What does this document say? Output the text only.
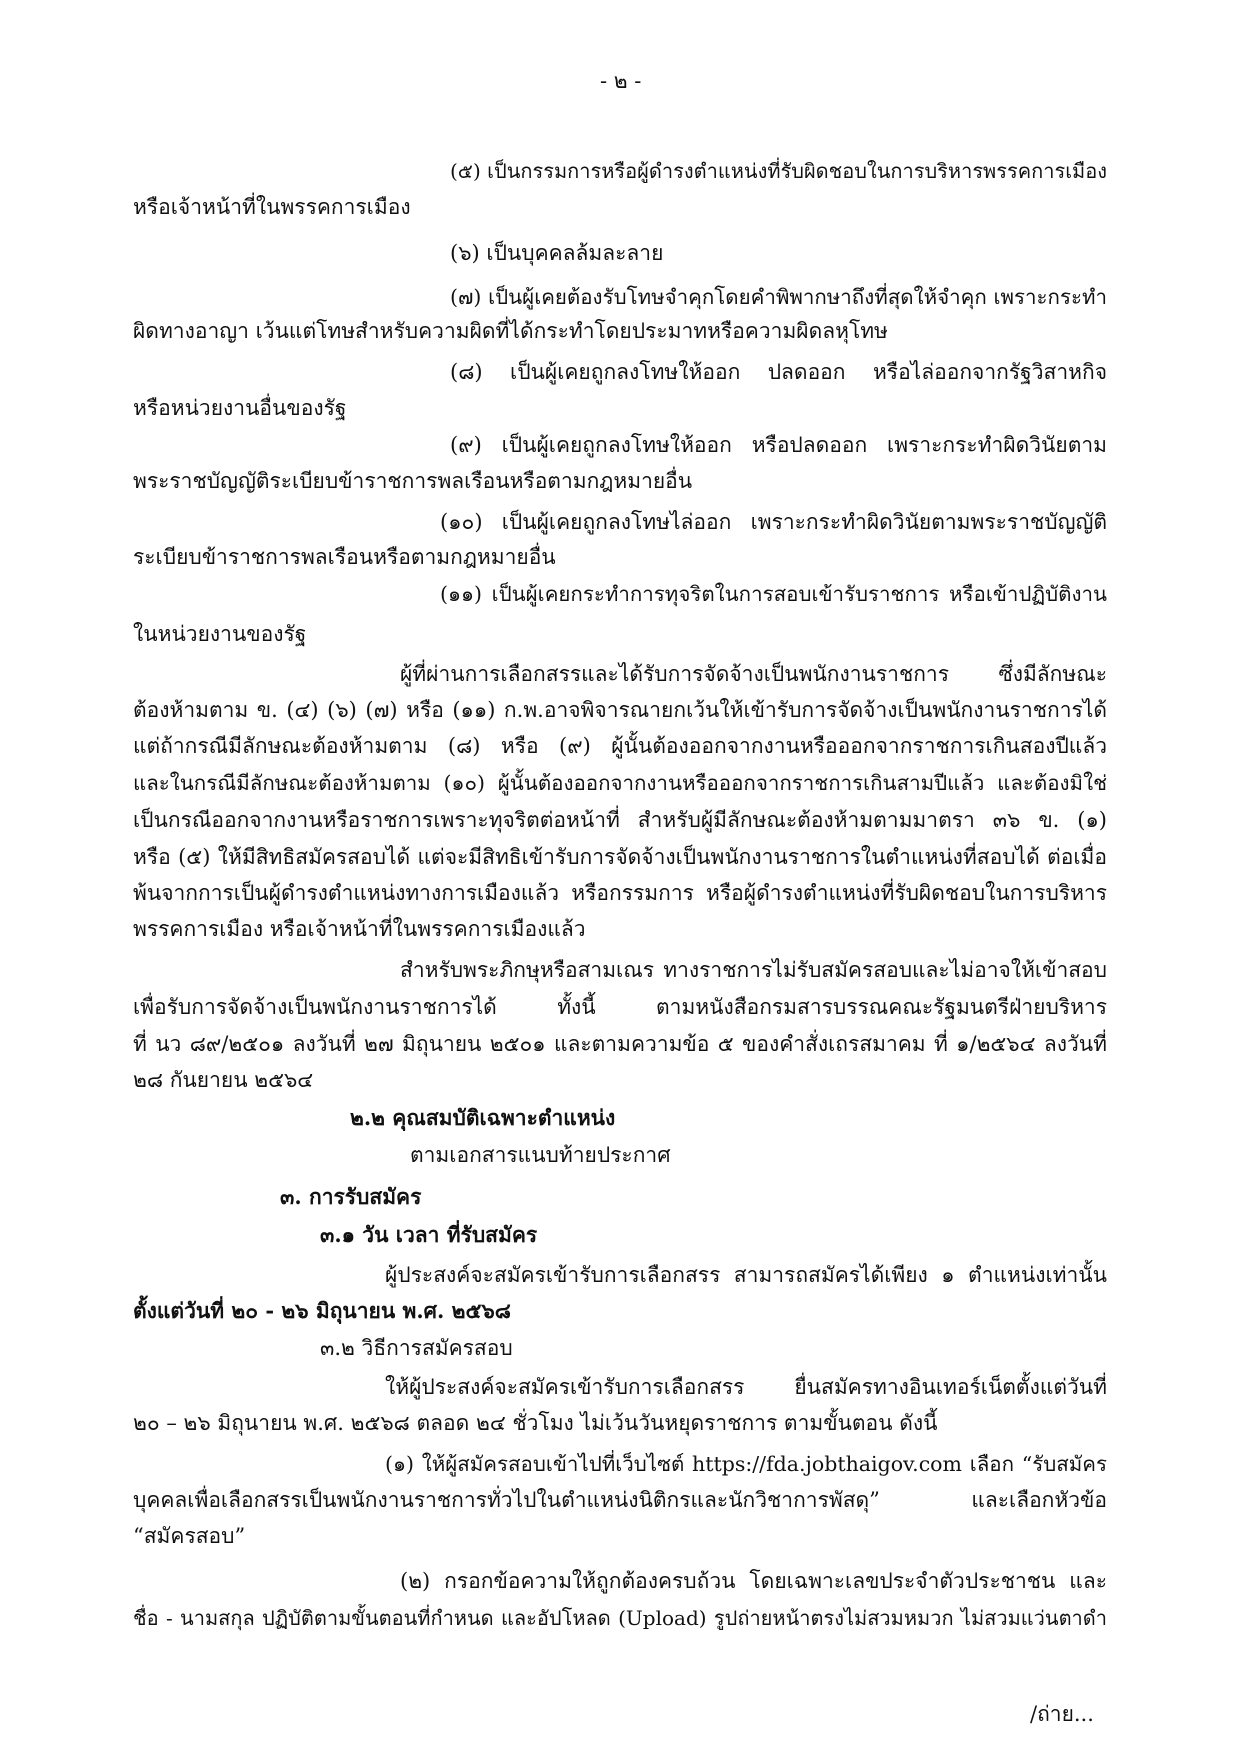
- ๒ -
/ถ่าย...
(๕) เป็นกรรมการหรือผู้ดำรงตำแหน่งที่รับผิดชอบในการบริหารพรรคการเมือง
หรือเจ้าหน้าที่ในพรรคการเมือง
(๖) เป็นบุคคลล้มละลาย
(๗) เป็นผู้เคยต้องรับโทษจำคุกโดยคำพิพากษาถึงที่สุดให้จำคุก เพราะกระทำ
ผิดทางอาญา เว้นแต่โทษสำหรับความผิดที่ได้กระทำโดยประมาทหรือความผิดลหุโทษ
(๘) เป็นผู้เคยถูกลงโทษให้ออก ปลดออก หรือไล่ออกจากรัฐวิสาหกิจ
หรือหน่วยงานอื่นของรัฐ
(๙) เป็นผู้เคยถูกลงโทษให้ออก หรือปลดออก เพราะกระทำผิดวินัยตาม
พระราชบัญญัติระเบียบข้าราชการพลเรือนหรือตามกฎหมายอื่น
(๑๐) เป็นผู้เคยถูกลงโทษไล่ออก เพราะกระทำผิดวินัยตามพระราชบัญญัติ
ระเบียบข้าราชการพลเรือนหรือตามกฎหมายอื่น
(๑๑) เป็นผู้เคยกระทำการทุจริตในการสอบเข้ารับราชการ หรือเข้าปฏิบัติงาน
ในหน่วยงานของรัฐ
ผู้ที่ผ่านการเลือกสรรและได้รับการจัดจ้างเป็นพนักงานราชการ ซึ่งมีลักษณะ
ต้องห้ามตาม ข. (๔) (๖) (๗) หรือ (๑๑) ก.พ.อาจพิจารณายกเว้นให้เข้ารับการจัดจ้างเป็นพนักงานราชการได้
แต่ถ้ากรณีมีลักษณะต้องห้ามตาม (๘) หรือ (๙) ผู้นั้นต้องออกจากงานหรือออกจากราชการเกินสองปีแล้ว
และในกรณีมีลักษณะต้องห้ามตาม (๑๐) ผู้นั้นต้องออกจากงานหรือออกจากราชการเกินสามปีแล้ว และต้องมิใช่
เป็นกรณีออกจากงานหรือราชการเพราะทุจริตต่อหน้าที่ สำหรับผู้มีลักษณะต้องห้ามตามมาตรา ๓๖ ข. (๑)
หรือ (๕) ให้มีสิทธิสมัครสอบได้ แต่จะมีสิทธิเข้ารับการจัดจ้างเป็นพนักงานราชการในตำแหน่งที่สอบได้ ต่อเมื่อ
พ้นจากการเป็นผู้ดำรงตำแหน่งทางการเมืองแล้ว หรือกรรมการ หรือผู้ดำรงตำแหน่งที่รับผิดชอบในการบริหาร
พรรคการเมือง หรือเจ้าหน้าที่ในพรรคการเมืองแล้ว
สำหรับพระภิกษุหรือสามเณร ทางราชการไม่รับสมัครสอบและไม่อาจให้เข้าสอบ
เพื่อรับการจัดจ้างเป็นพนักงานราชการได้ ทั้งนี้ ตามหนังสือกรมสารบรรณคณะรัฐมนตรีฝ่ายบริหาร
ที่ นว ๘๙/๒๕๐๑ ลงวันที่ ๒๗ มิถุนายน ๒๕๐๑ และตามความข้อ ๕ ของคำสั่งเถรสมาคม ที่ ๑/๒๕๖๔ ลงวันที่
๒๘ กันยายน ๒๕๖๔
๒.๒ คุณสมบัติเฉพาะตำแหน่ง
ตามเอกสารแนบท้ายประกาศ
๓. การรับสมัคร
๓.๑ วัน เวลา ที่รับสมัคร
ผู้ประสงค์จะสมัครเข้ารับการเลือกสรร สามารถสมัครได้เพียง ๑ ตำแหน่งเท่านั้น
ตั้งแต่วันที่ ๒๐ - ๒๖ มิถุนายน พ.ศ. ๒๕๖๘
๓.๒ วิธีการสมัครสอบ
ให้ผู้ประสงค์จะสมัครเข้ารับการเลือกสรร ยื่นสมัครทางอินเทอร์เน็ตตั้งแต่วันที่
๒๐ – ๒๖ มิถุนายน พ.ศ. ๒๕๖๘ ตลอด ๒๔ ชั่วโมง ไม่เว้นวันหยุดราชการ ตามขั้นตอน ดังนี้
(๑) ให้ผู้สมัครสอบเข้าไปที่เว็บไซต์ https://fda.jobthaigov.com เลือก “รับสมัคร
บุคคลเพื่อเลือกสรรเป็นพนักงานราชการทั่วไปในตำแหน่งนิติกรและนักวิชาการพัสดุ” และเลือกหัวข้อ
“สมัครสอบ”
(๒) กรอกข้อความให้ถูกต้องครบถ้วน โดยเฉพาะเลขประจำตัวประชาชน และ
ชื่อ - นามสกุล ปฏิบัติตามขั้นตอนที่กำหนด และอัปโหลด (Upload) รูปถ่ายหน้าตรงไม่สวมหมวก ไม่สวมแว่นตาดำ
